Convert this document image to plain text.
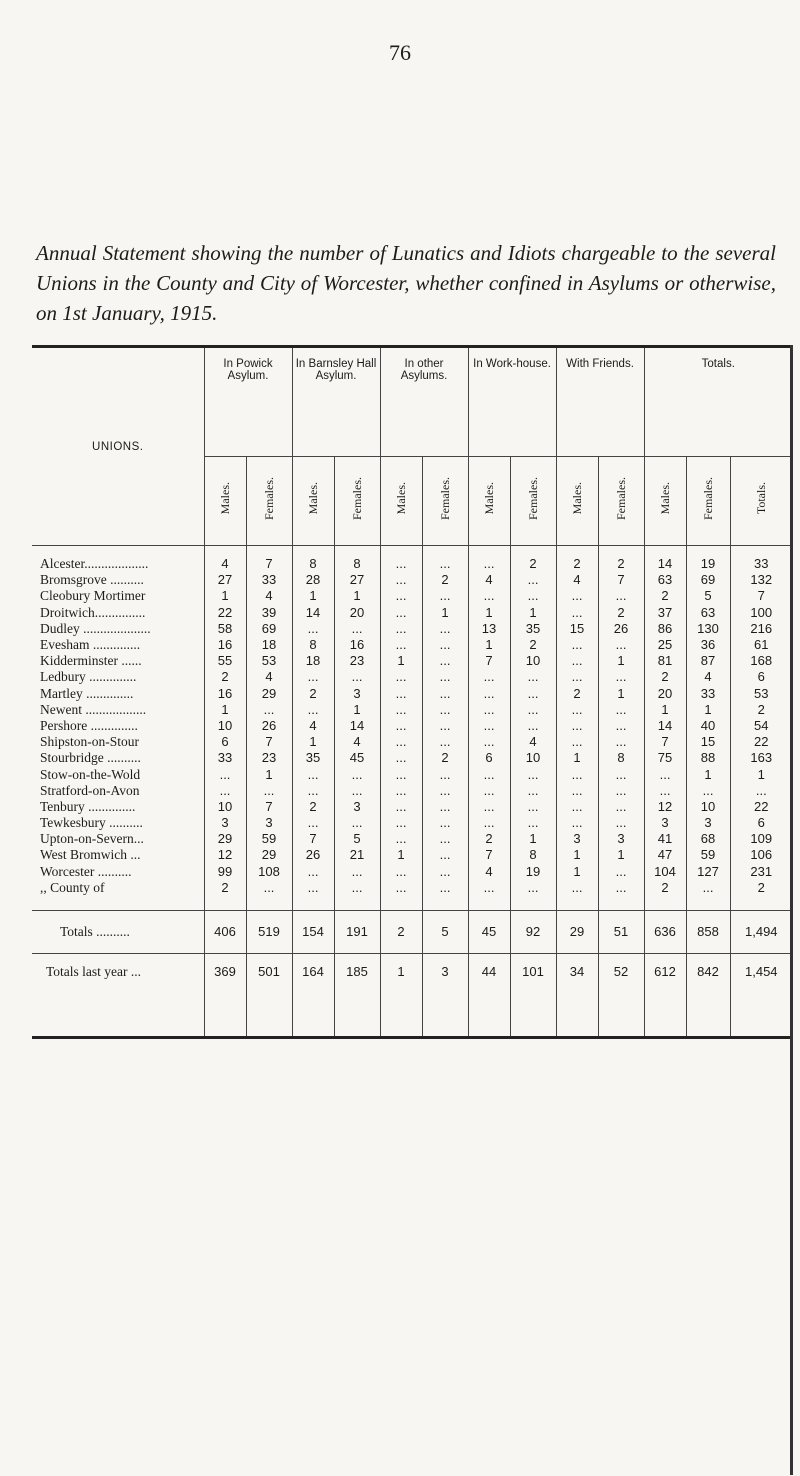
76
Annual Statement showing the number of Lunatics and Idiots chargeable to the several Unions in the County and City of Worcester, whether confined in Asylums or otherwise, on 1st January, 1915.
UNIONS.	In Powick Asylum.		In Barnsley Hall Asylum.		In other Asylums.		In Work-house.		With Friends.		Totals.		
	Males.	Females.	Males.	Females.	Males.	Females.	Males.	Females.	Males.	Females.	Males.	Females.	Totals.
Alcester...................	4	7	8	8	...	...	...	2	2	2	14	19	33
Bromsgrove ..........	27	33	28	27	...	2	4	...	4	7	63	69	132
Cleobury Mortimer	1	4	1	1	...	...	...	...	...	...	2	5	7
Droitwich...............	22	39	14	20	...	1	1	1	...	2	37	63	100
Dudley ....................	58	69	...	...	...	...	13	35	15	26	86	130	216
Evesham ..............	16	18	8	16	...	...	1	2	...	...	25	36	61
Kidderminster ......	55	53	18	23	1	...	7	10	...	1	81	87	168
Ledbury ..............	2	4	...	...	...	...	...	...	...	...	2	4	6
Martley ..............	16	29	2	3	...	...	...	...	2	1	20	33	53
Newent ..................	1	...	...	1	...	...	...	...	...	...	1	1	2
Pershore ..............	10	26	4	14	...	...	...	...	...	...	14	40	54
Shipston-on-Stour	6	7	1	4	...	...	...	4	...	...	7	15	22
Stourbridge ..........	33	23	35	45	...	2	6	10	1	8	75	88	163
Stow-on-the-Wold	...	1	...	...	...	...	...	...	...	...	...	1	1
Stratford-on-Avon	...	...	...	...	...	...	...	...	...	...	...	...	...
Tenbury ..............	10	7	2	3	...	...	...	...	...	...	12	10	22
Tewkesbury ..........	3	3	...	...	...	...	...	...	...	...	3	3	6
Upton-on-Severn...	29	59	7	5	...	...	2	1	3	3	41	68	109
West Bromwich ...	12	29	26	21	1	...	7	8	1	1	47	59	106
Worcester ..........	99	108	...	...	...	...	4	19	1	...	104	127	231
,, County of	2	...	...	...	...	...	...	...	...	...	2	...	2

Totals ..........	406	519	154	191	2	5	45	92	29	51	636	858	1,494
Totals last year ...	369	501	164	185	1	3	44	101	34	52	612	842	1,454
